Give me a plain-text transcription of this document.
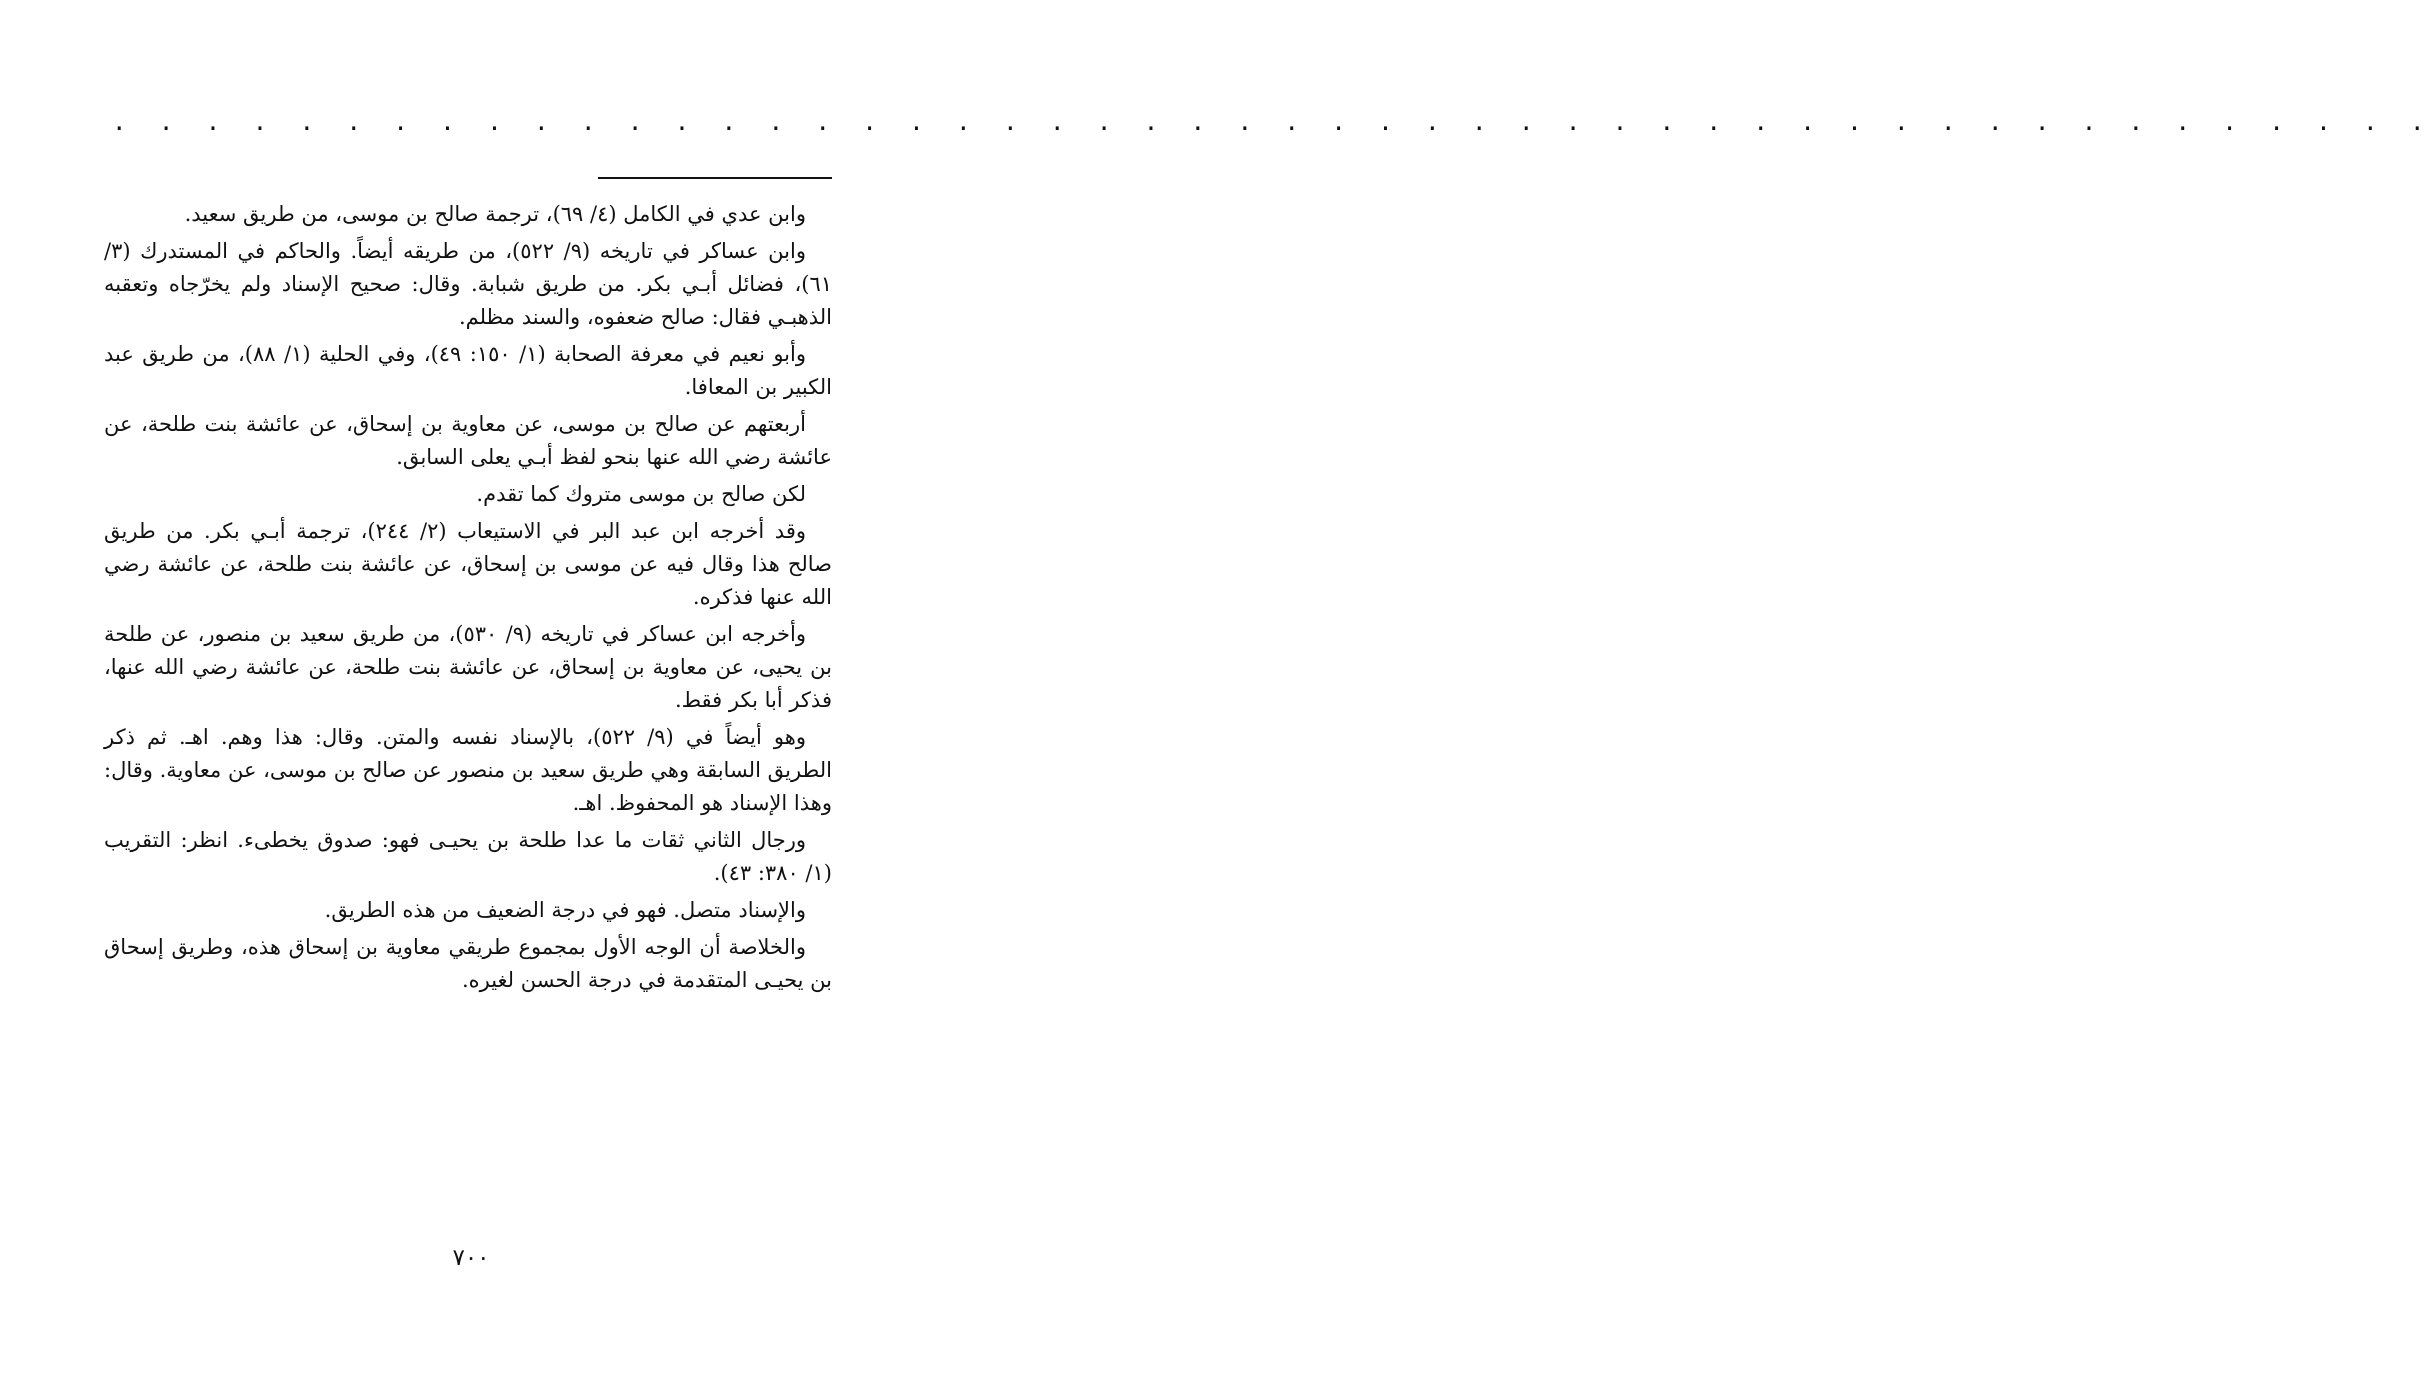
. . . . . . . . . . . . . . . . . . . . . . . . . . . . . . . . . . . . . . . . . . . . . . . . . .

وابن عدي في الكامل (٤/ ٦٩)، ترجمة صالح بن موسى، من طريق سعيد.

وابن عساكر في تاريخه (٩/ ٥٢٢)، من طريقه أيضاً. والحاكم في المستدرك (٣/ ٦١)، فضائل أبـي بكر. من طريق شبابة. وقال: صحيح الإسناد ولم يخرّجاه وتعقبه الذهبـي فقال: صالح ضعفوه، والسند مظلم.

وأبو نعيم في معرفة الصحابة (١/ ١٥٠: ٤٩)، وفي الحلية (١/ ٨٨)، من طريق عبد الكبير بن المعافا.

أربعتهم عن صالح بن موسى، عن معاوية بن إسحاق، عن عائشة بنت طلحة، عن عائشة رضي الله عنها بنحو لفظ أبـي يعلى السابق.

لكن صالح بن موسى متروك كما تقدم.

وقد أخرجه ابن عبد البر في الاستيعاب (٢/ ٢٤٤)، ترجمة أبـي بكر. من طريق صالح هذا وقال فيه عن موسى بن إسحاق، عن عائشة بنت طلحة، عن عائشة رضي الله عنها فذكره.

وأخرجه ابن عساكر في تاريخه (٩/ ٥٣٠)، من طريق سعيد بن منصور، عن طلحة بن يحيى، عن معاوية بن إسحاق، عن عائشة بنت طلحة، عن عائشة رضي الله عنها، فذكر أبا بكر فقط.

وهو أيضاً في (٩/ ٥٢٢)، بالإسناد نفسه والمتن. وقال: هذا وهم. اهـ. ثم ذكر الطريق السابقة وهي طريق سعيد بن منصور عن صالح بن موسى، عن معاوية. وقال: وهذا الإسناد هو المحفوظ. اهـ.

ورجال الثاني ثقات ما عدا طلحة بن يحيـى فهو: صدوق يخطىء. انظر: التقريب (١/ ٣٨٠: ٤٣).

والإسناد متصل. فهو في درجة الضعيف من هذه الطريق.

والخلاصة أن الوجه الأول بمجموع طريقي معاوية بن إسحاق هذه، وطريق إسحاق بن يحيـى المتقدمة في درجة الحسن لغيره.

٧٠٠
